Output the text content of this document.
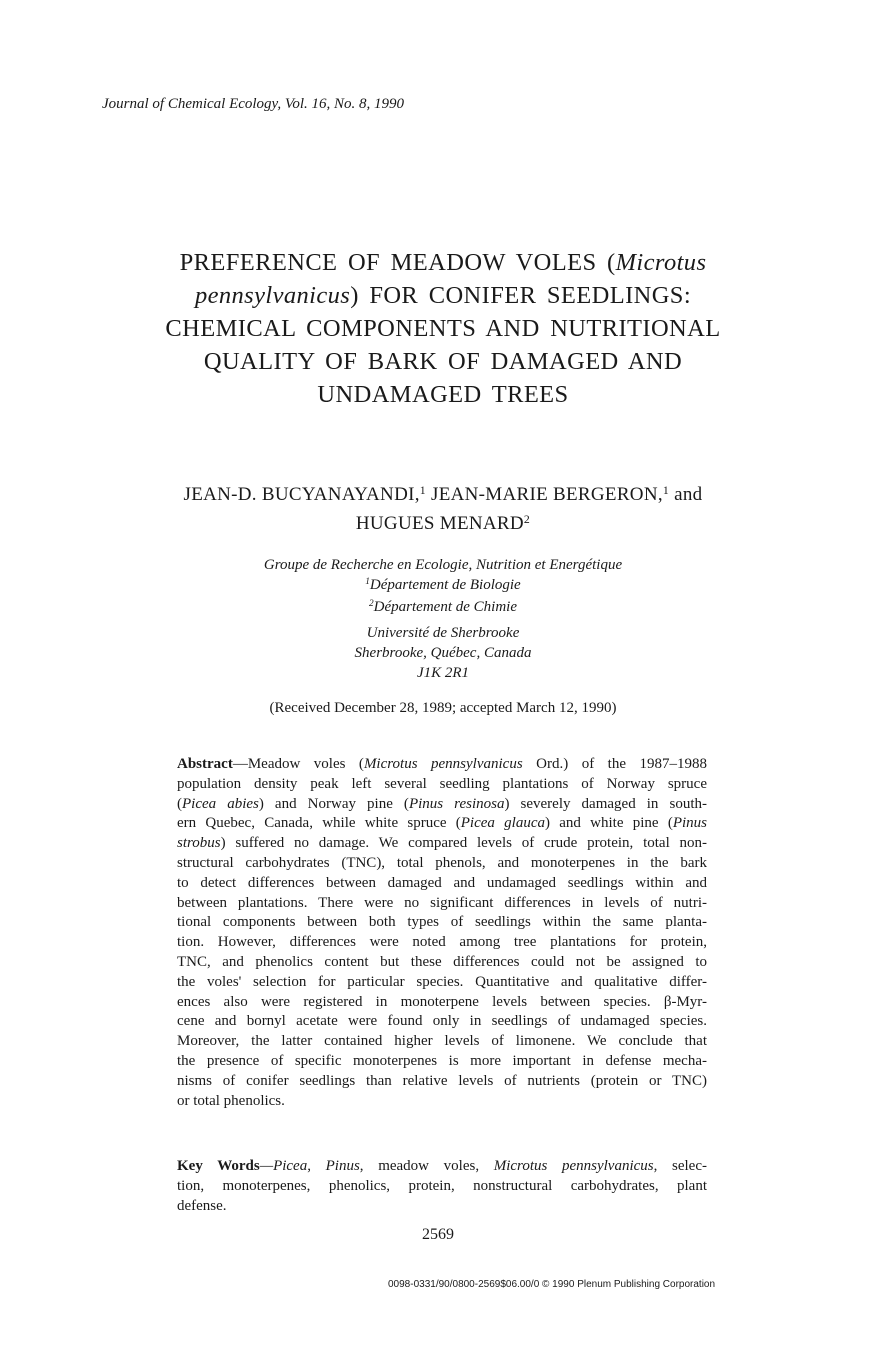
Journal of Chemical Ecology, Vol. 16, No. 8, 1990
PREFERENCE OF MEADOW VOLES (Microtus
pennsylvanicus) FOR CONIFER SEEDLINGS:
CHEMICAL COMPONENTS AND NUTRITIONAL
QUALITY OF BARK OF DAMAGED AND
UNDAMAGED TREES
JEAN-D. BUCYANAYANDI,$^1$ JEAN-MARIE BERGERON,$^1$ and
HUGUES MENARD$^2$
Groupe de Recherche en Ecologie, Nutrition et Energétique
$^1$Département de Biologie
$^2$Département de Chimie
Université de Sherbrooke
Sherbrooke, Québec, Canada
J1K 2R1
(Received December 28, 1989; accepted March 12, 1990)
Abstract—Meadow voles (Microtus pennsylvanicus Ord.) of the 1987–1988
population density peak left several seedling plantations of Norway spruce
(Picea abies) and Norway pine (Pinus resinosa) severely damaged in south-
ern Quebec, Canada, while white spruce (Picea glauca) and white pine (Pinus
strobus) suffered no damage. We compared levels of crude protein, total non-
structural carbohydrates (TNC), total phenols, and monoterpenes in the bark
to detect differences between damaged and undamaged seedlings within and
between plantations. There were no significant differences in levels of nutri-
tional components between both types of seedlings within the same planta-
tion. However, differences were noted among tree plantations for protein,
TNC, and phenolics content but these differences could not be assigned to
the voles' selection for particular species. Quantitative and qualitative differ-
ences also were registered in monoterpene levels between species. β-Myr-
cene and bornyl acetate were found only in seedlings of undamaged species.
Moreover, the latter contained higher levels of limonene. We conclude that
the presence of specific monoterpenes is more important in defense mecha-
nisms of conifer seedlings than relative levels of nutrients (protein or TNC)
or total phenolics.
Key Words—Picea, Pinus, meadow voles, Microtus pennsylvanicus, selec-
tion, monoterpenes, phenolics, protein, nonstructural carbohydrates, plant
defense.
2569
0098-0331/90/0800-2569$06.00/0 © 1990 Plenum Publishing Corporation
